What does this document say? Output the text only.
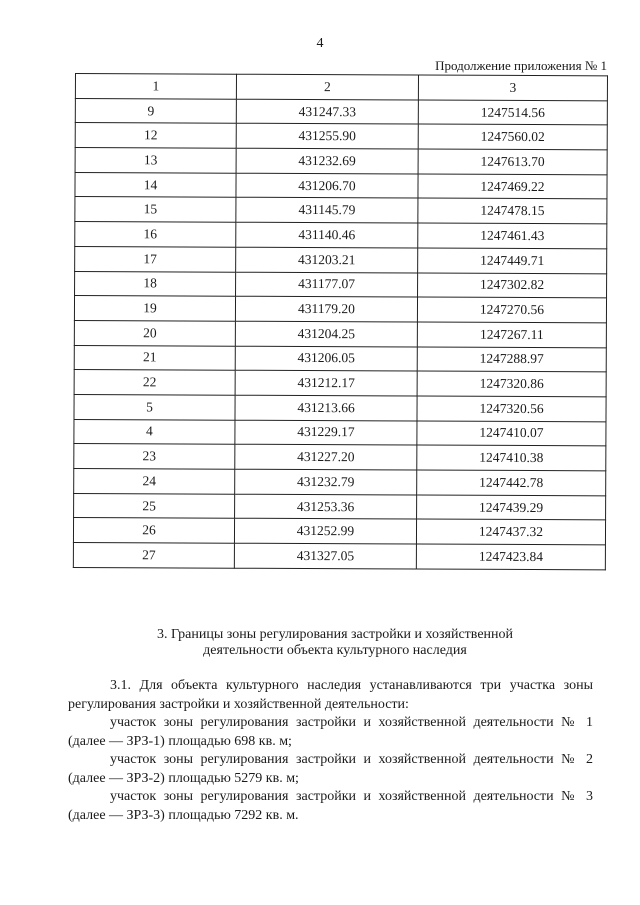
4
Продолжение приложения № 1
1	2	3
9	431247.33	1247514.56
12	431255.90	1247560.02
13	431232.69	1247613.70
14	431206.70	1247469.22
15	431145.79	1247478.15
16	431140.46	1247461.43
17	431203.21	1247449.71
18	431177.07	1247302.82
19	431179.20	1247270.56
20	431204.25	1247267.11
21	431206.05	1247288.97
22	431212.17	1247320.86
5	431213.66	1247320.56
4	431229.17	1247410.07
23	431227.20	1247410.38
24	431232.79	1247442.78
25	431253.36	1247439.29
26	431252.99	1247437.32
27	431327.05	1247423.84
3. Границы зоны регулирования застройки и хозяйственной
деятельности объекта культурного наследия

3.1. Для объекта культурного наследия устанавливаются три участка зоны регулирования застройки и хозяйственной деятельности:

участок зоны регулирования застройки и хозяйственной деятельности № 1 (далее — ЗРЗ-1) площадью 698 кв. м;

участок зоны регулирования застройки и хозяйственной деятельности № 2 (далее — ЗРЗ-2) площадью 5279 кв. м;

участок зоны регулирования застройки и хозяйственной деятельности № 3 (далее — ЗРЗ-3) площадью 7292 кв. м.
